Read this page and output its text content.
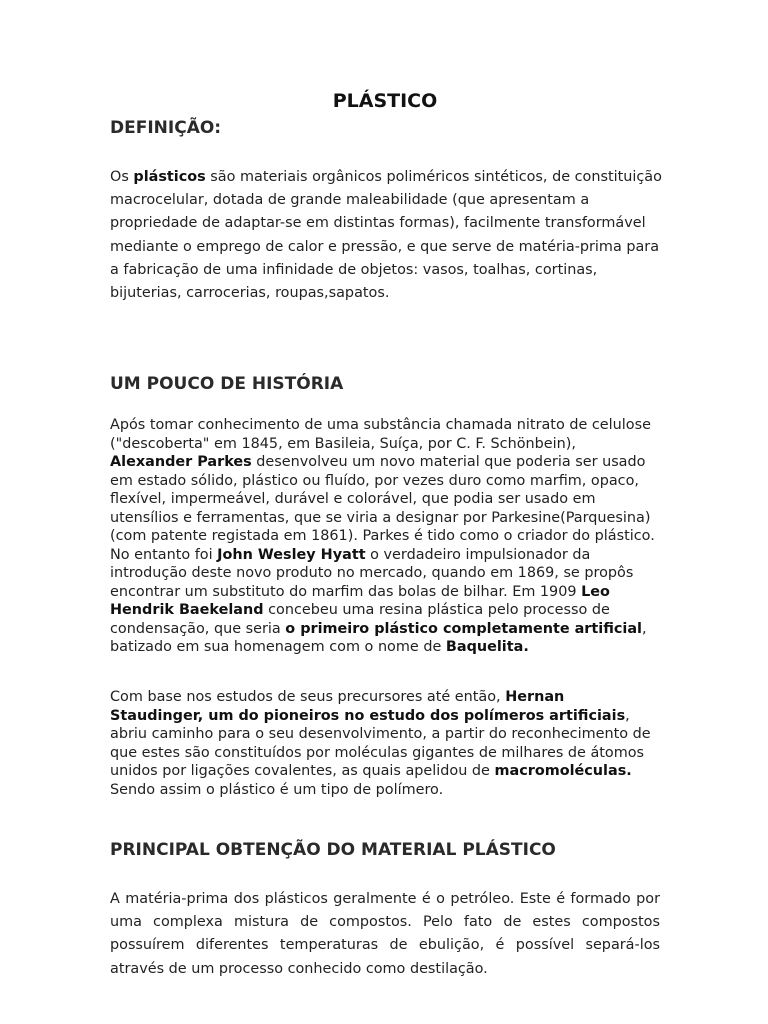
PLÁSTICO
DEFINIÇÃO:

Os plásticos são materiais orgânicos poliméricos sintéticos, de constituição macrocelular, dotada de grande maleabilidade (que apresentam a propriedade de adaptar-se em distintas formas), facilmente transformável mediante o emprego de calor e pressão, e que serve de matéria-prima para a fabricação de uma infinidade de objetos: vasos, toalhas, cortinas, bijuterias, carrocerias, roupas,sapatos.

UM POUCO DE HISTÓRIA

Após tomar conhecimento de uma substância chamada nitrato de celulose ("descoberta" em 1845, em Basileia, Suíça, por C. F. Schönbein), Alexander Parkes desenvolveu um novo material que poderia ser usado em estado sólido, plástico ou fluído, por vezes duro como marfim, opaco, flexível, impermeável, durável e colorável, que podia ser usado em utensílios e ferramentas, que se viria a designar por Parkesine(Parquesina) (com patente registada em 1861). Parkes é tido como o criador do plástico. No entanto foi John Wesley Hyatt o verdadeiro impulsionador da introdução deste novo produto no mercado, quando em 1869, se propôs encontrar um substituto do marfim das bolas de bilhar. Em 1909 Leo Hendrik Baekeland concebeu uma resina plástica pelo processo de condensação, que seria o primeiro plástico completamente artificial, batizado em sua homenagem com o nome de Baquelita.

Com base nos estudos de seus precursores até então, Hernan Staudinger, um do pioneiros no estudo dos polímeros artificiais, abriu caminho para o seu desenvolvimento, a partir do reconhecimento de que estes são constituídos por moléculas gigantes de milhares de átomos unidos por ligações covalentes, as quais apelidou de macromoléculas. Sendo assim o plástico é um tipo de polímero.

PRINCIPAL OBTENÇÃO DO MATERIAL PLÁSTICO

A matéria-prima dos plásticos geralmente é o petróleo. Este é formado por uma complexa mistura de compostos. Pelo fato de estes compostos possuírem diferentes temperaturas de ebulição, é possível separá-los através de um processo conhecido como destilação.
